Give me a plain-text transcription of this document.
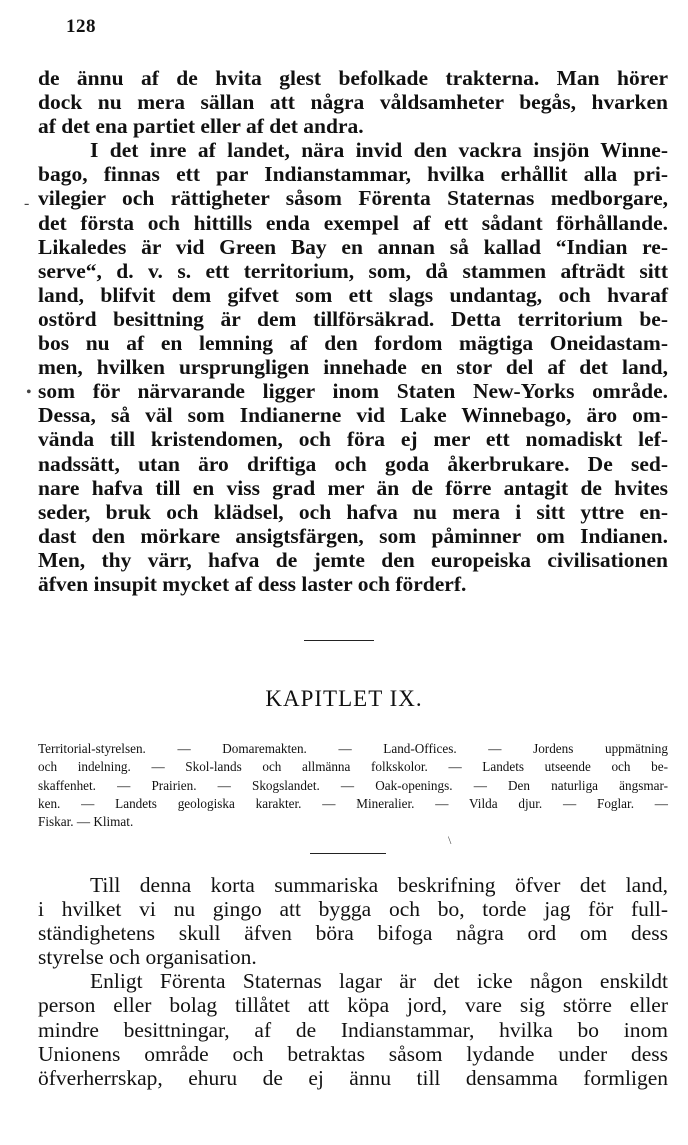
128
-
•
de ännu af de hvita glest befolkade trakterna. Man hörer
dock nu mera sällan att några våldsamheter begås, hvarken
af det ena partiet eller af det andra.
I det inre af landet, nära invid den vackra insjön Winne-
bago, finnas ett par Indianstammar, hvilka erhållit alla pri-
vilegier och rättigheter såsom Förenta Staternas medborgare,
det första och hittills enda exempel af ett sådant förhållande.
Likaledes är vid Green Bay en annan så kallad “Indian re-
serve“, d. v. s. ett territorium, som, då stammen afträdt sitt
land, blifvit dem gifvet som ett slags undantag, och hvaraf
ostörd besittning är dem tillförsäkrad. Detta territorium be-
bos nu af en lemning af den fordom mägtiga Oneidastam-
men, hvilken ursprungligen innehade en stor del af det land,
som för närvarande ligger inom Staten New-Yorks område.
Dessa, så väl som Indianerne vid Lake Winnebago, äro om-
vända till kristendomen, och föra ej mer ett nomadiskt lef-
nadssätt, utan äro driftiga och goda åkerbrukare. De sed-
nare hafva till en viss grad mer än de förre antagit de hvites
seder, bruk och klädsel, och hafva nu mera i sitt yttre en-
dast den mörkare ansigtsfärgen, som påminner om Indianen.
Men, thy värr, hafva de jemte den europeiska civilisationen
äfven insupit mycket af dess laster och förderf.
KAPITLET IX.
Territorial-styrelsen. — Domaremakten. — Land-Offices. — Jordens uppmätning
och indelning. — Skol-lands och allmänna folkskolor. — Landets utseende och be-
skaffenhet. — Prairien. — Skogslandet. — Oak-openings. — Den naturliga ängsmar-
ken. — Landets geologiska karakter. — Mineralier. — Vilda djur. — Foglar. —
Fiskar. — Klimat.
\
Till denna korta summariska beskrifning öfver det land,
i hvilket vi nu gingo att bygga och bo, torde jag för full-
ständighetens skull äfven böra bifoga några ord om dess
styrelse och organisation.
Enligt Förenta Staternas lagar är det icke någon enskildt
person eller bolag tillåtet att köpa jord, vare sig större eller
mindre besittningar, af de Indianstammar, hvilka bo inom
Unionens område och betraktas såsom lydande under dess
öfverherrskap, ehuru de ej ännu till densamma formligen
